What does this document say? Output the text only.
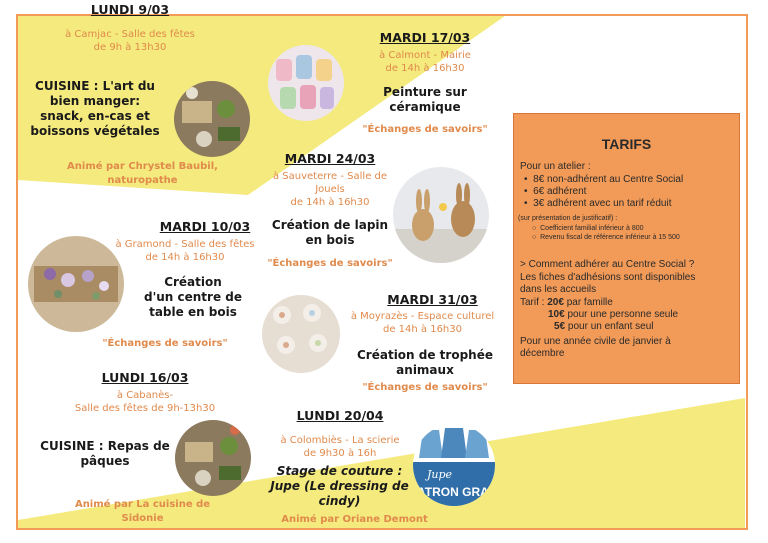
LUNDI 9/03
à Camjac - Salle des fêtes
de 9h à 13h30
CUISINE : L'art du
bien manger:
snack, en-cas et
boissons végétales
Animé par Chrystel Baubil,
naturopathe
MARDI 17/03
à Calmont - Mairie
de 14h à 16h30
Peinture sur
céramique
"Échanges de savoirs"
MARDI 24/03
à Sauveterre - Salle de
Jouels
de 14h à 16h30
Création de lapin
en bois
"Échanges de savoirs"
MARDI 10/03
à Gramond - Salle des fêtes
de 14h à 16h30
Création
d'un centre de
table en bois
"Échanges de savoirs"
MARDI 31/03
à Moyrazès - Espace culturel
de 14h à 16h30
Création de trophée
animaux
"Échanges de savoirs"
LUNDI 16/03
à Cabanès-
Salle des fêtes de 9h-13h30
CUISINE : Repas de
pâques
Animé par La cuisine de
Sidonie
LUNDI 20/04
à Colombiès - La scierie
de 9h30 à 16h
Stage de couture :
Jupe (Le dressing de
cindy)
Animé par Oriane Demont
Jupe
ATRON GRAT
TARIFS
Pour un atelier :
•  8€ non-adhérent au Centre Social
•  6€ adhérent
•  3€ adhérent avec un tarif réduit
(sur présentation de justificatif) :
○  Coefficient familial inférieur à 800
○  Revenu fiscal de référence inférieur à 15 500
> Comment adhérer au Centre Social ?
Les fiches d'adhésions sont disponibles
dans les accueils
Tarif : 20€ par famille
10€ pour une personne seule
5€ pour un enfant seul
Pour une année civile de janvier à
décembre
